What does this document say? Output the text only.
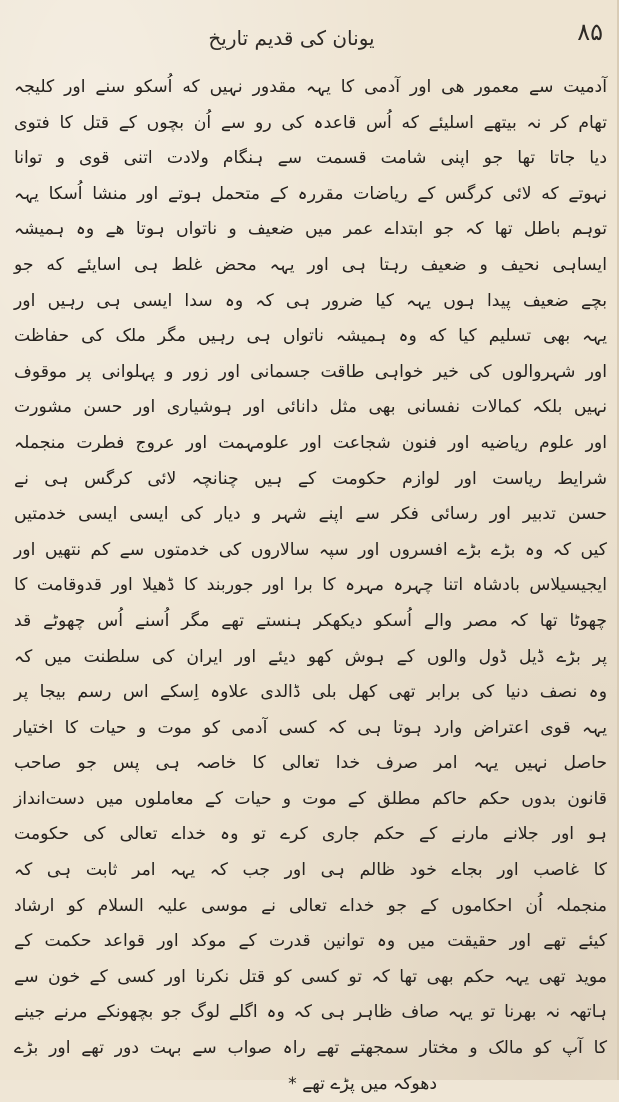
۸۵
یونان کی قدیم تاریخ
آدمیت سے معمور هی اور آدمی کا یہہ مقدور نہیں که اُسکو سنے اور کلیجہ
تھام کر نہ بیتھے اسلیئے که اُس قاعدہ کی رو سے اُن بچوں کے قتل کا فتوی
دیا جاتا تھا جو اپنی شامت قسمت سے ہنگام ولادت اتنی قوی و توانا
نہوتے که لائی کرگس کے ریاضات مقررہ کے متحمل ہوتے اور منشا اُسکا یہہ
توہم باطل تھا کہ جو ابتداے عمر میں ضعیف و ناتواں ہوتا ھے وہ ہمیشہ
ایساہی نحیف و ضعیف رہتا ہی اور یہہ محض غلط ہی اسایئے که جو
بچے ضعیف پیدا ہوں یہہ کیا ضرور ہی کہ وہ سدا ایسی ہی رہیں اور
یہہ بھی تسلیم کیا که وہ ہمیشہ ناتواں ہی رہیں مگر ملک کی حفاظت
اور شہروالوں کی خیر خواہی طاقت جسمانی اور زور و پہلوانی پر موقوف
نہیں بلکہ کمالات نفسانی بھی مثل دانائی اور ہوشیاری اور حسن مشورت
اور علوم ریاضیه اور فنون شجاعت اور علومہمت اور عروج فطرت منجملہ
شرایط ریاست اور لوازم حکومت کے ہیں چنانچہ لائی کرگس ہی نے
حسن تدبیر اور رسائی فکر سے اپنے شہر و دیار کی ایسی ایسی خدمتیں
کیں کہ وہ بڑے بڑے افسروں اور سپہ سالاروں کی خدمتوں سے کم نتھیں اور
ایجیسیلاس بادشاہ اتنا چہرہ مہرہ کا برا اور جوربند کا ڈھیلا اور قدوقامت کا
چھوٹا تھا کہ مصر والے اُسکو دیکھکر ہنستے تھے مگر اُسنے اُس چھوٹے قد
پر بڑے ڈیل ڈول والوں کے ہوش کھو دیئے اور ایران کی سلطنت میں کہ
وہ نصف دنیا کی برابر تھی کھل بلی ڈالدی علاوہ اِسکے اس رسم بیجا پر
یہہ قوی اعتراض وارد ہوتا ہی کہ کسی آدمی کو موت و حیات کا اختیار
حاصل نہیں یہہ امر صرف خدا تعالی کا خاصہ ہی پس جو صاحب
قانون بدوں حکم حاکم مطلق کے موت و حیات کے معاملوں میں دست‌انداز
ہو اور جلانے مارنے کے حکم جاری کرے تو وہ خداے تعالی کی حکومت
کا غاصب اور بجاے خود ظالم ہی اور جب کہ یہہ امر ثابت ہی کہ
منجملہ اُن احکاموں کے جو خداے تعالی نے موسی علیہ السلام کو ارشاد
کیئے تھے اور حقیقت میں وہ توانین قدرت کے موکد اور قواعد حکمت کے
موید تھی یہہ حکم بھی تھا کہ تو کسی کو قتل نکرنا اور کسی کے خون سے
ہاتھہ نہ بھرنا تو یہہ صاف ظاہر ہی کہ وہ اگلے لوگ جو بچھونکے مرنے جینے
کا آپ کو مالک و مختار سمجھتے تھے راہ صواب سے بہت دور تھے اور بڑے
دھوکہ میں پڑے تھے *
